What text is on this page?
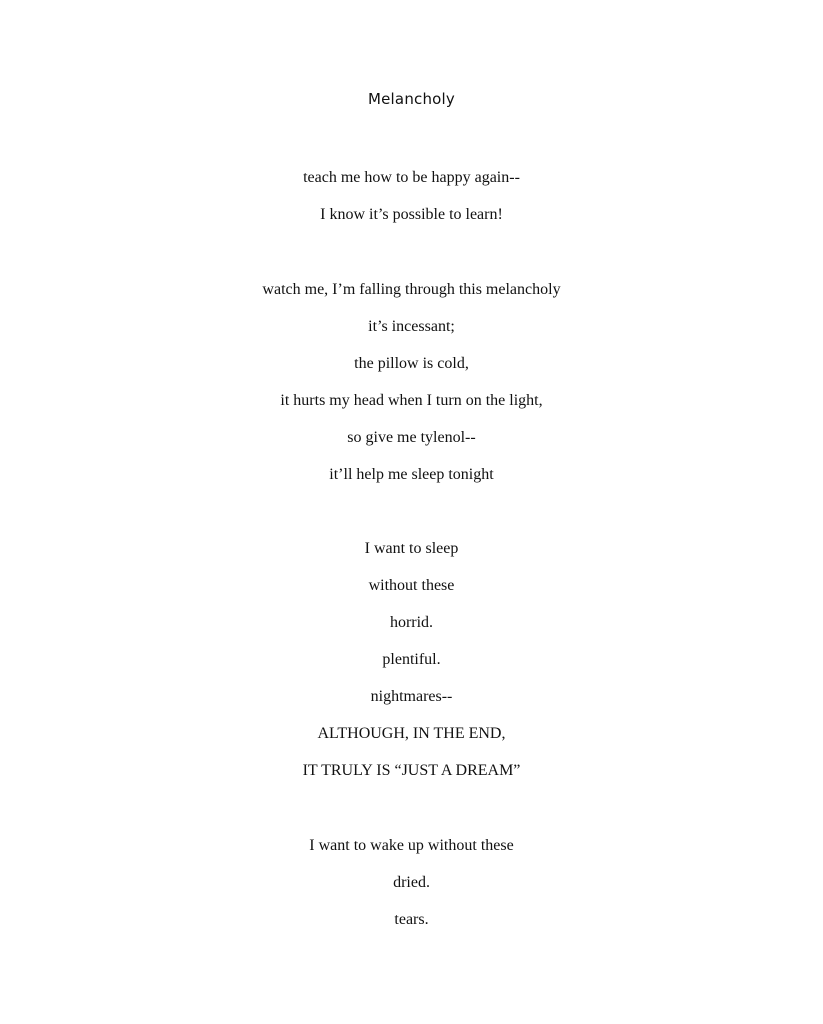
Melancholy
teach me how to be happy again--
I know it’s possible to learn!
watch me, I’m falling through this melancholy
it’s incessant;
the pillow is cold,
it hurts my head when I turn on the light,
so give me tylenol--
it’ll help me sleep tonight
I want to sleep
without these
horrid.
plentiful.
nightmares--
ALTHOUGH, IN THE END,
IT TRULY IS “JUST A DREAM”
I want to wake up without these
dried.
tears.
